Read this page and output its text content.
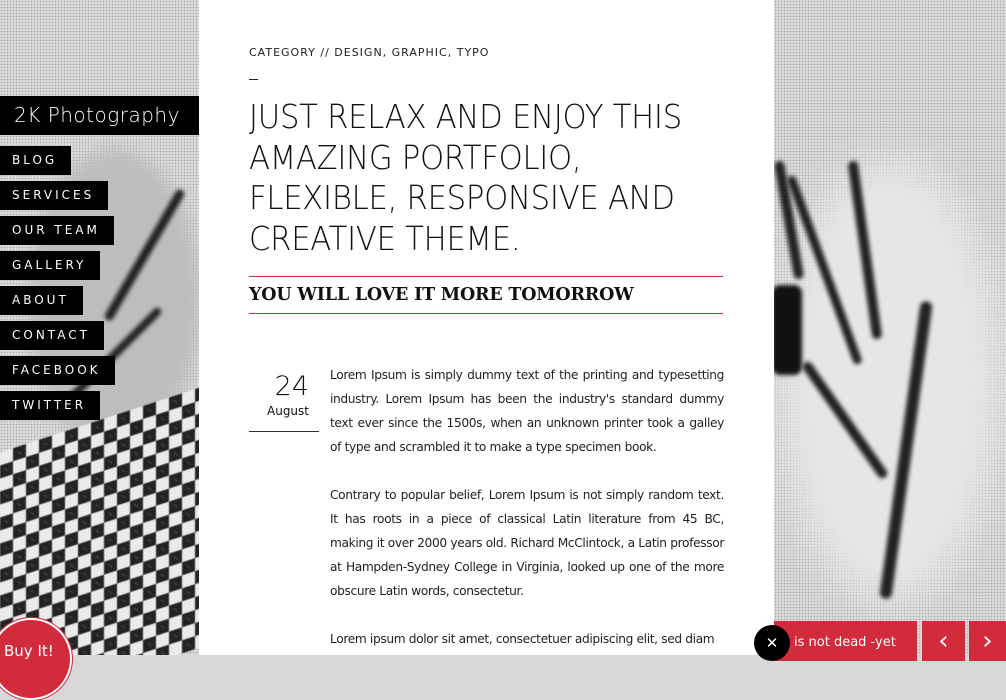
2K Photography
BLOG
SERVICES
OUR TEAM
GALLERY
ABOUT
CONTACT
FACEBOOK
TWITTER
CATEGORY // DESIGN, GRAPHIC, TYPO
JUST RELAX AND ENJOY THIS AMAZING PORTFOLIO, FLEXIBLE, RESPONSIVE AND CREATIVE THEME.
YOU WILL LOVE IT MORE TOMORROW
24
August

Lorem Ipsum is simply dummy text of the printing and typesetting industry. Lorem Ipsum has been the industry's standard dummy text ever since the 1500s, when an unknown printer took a galley of type and scrambled it to make a type specimen book.

Contrary to popular belief, Lorem Ipsum is not simply random text. It has roots in a piece of classical Latin literature from 45 BC, making it over 2000 years old. Richard McClintock, a Latin professor at Hampden-Sydney College in Virginia, looked up one of the more obscure Latin words, consectetur.

Lorem ipsum dolor sit amet, consectetuer adipiscing elit, sed diam

Buy It!	is not dead -yet
✕	‹	›
